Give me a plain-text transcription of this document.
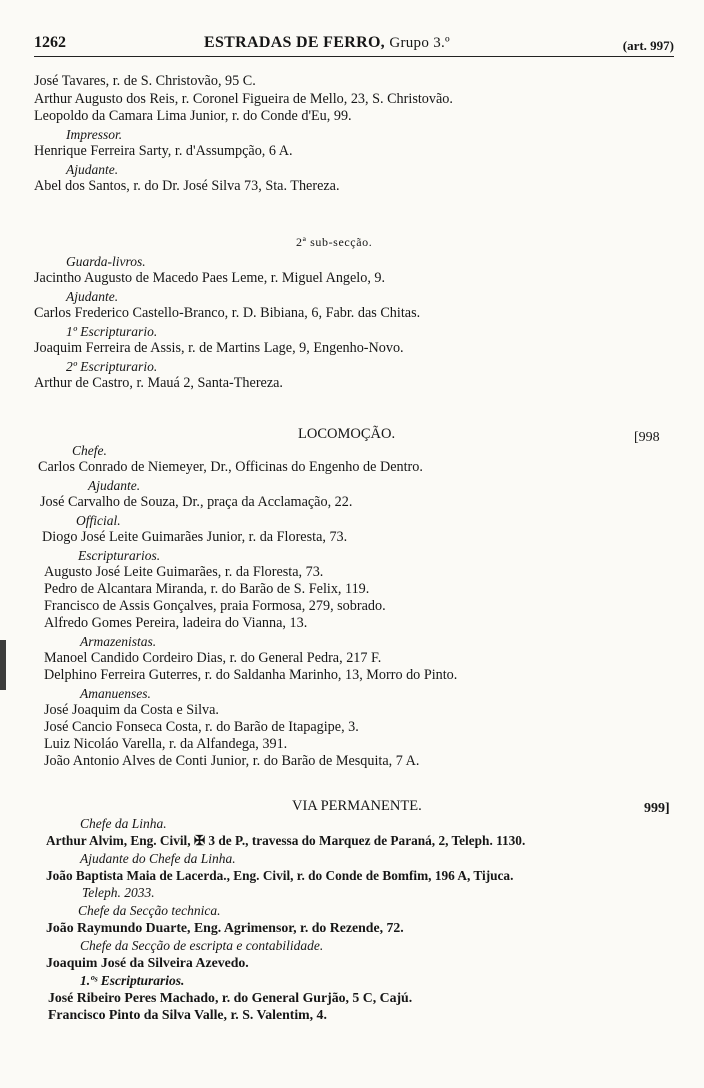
1262	ESTRADAS DE FERRO, Grupo 3.º	(art. 997)
José Tavares, r. de S. Christovão, 95 C.
Arthur Augusto dos Reis, r. Coronel Figueira de Mello, 23, S. Christovão.
Leopoldo da Camara Lima Junior, r. do Conde d'Eu, 99.
Impressor.
Henrique Ferreira Sarty, r. d'Assumpção, 6 A.
Ajudante.
Abel dos Santos, r. do Dr. José Silva 73, Sta. Thereza.
2ª sub-secção.
Guarda-livros.
Jacintho Augusto de Macedo Paes Leme, r. Miguel Angelo, 9.
Ajudante.
Carlos Frederico Castello-Branco, r. D. Bibiana, 6, Fabr. das Chitas.
1º Escripturario.
Joaquim Ferreira de Assis, r. de Martins Lage, 9, Engenho-Novo.
2º Escripturario.
Arthur de Castro, r. Mauá 2, Santa-Thereza.
LOCOMOÇÃO.	[998
Chefe.
Carlos Conrado de Niemeyer, Dr., Officinas do Engenho de Dentro.
Ajudante.
José Carvalho de Souza, Dr., praça da Acclamação, 22.
Official.
Diogo José Leite Guimarães Junior, r. da Floresta, 73.
Escripturarios.
Augusto José Leite Guimarães, r. da Floresta, 73.
Pedro de Alcantara Miranda, r. do Barão de S. Felix, 119.
Francisco de Assis Gonçalves, praia Formosa, 279, sobrado.
Alfredo Gomes Pereira, ladeira do Vianna, 13.
Armazenistas.
Manoel Candido Cordeiro Dias, r. do General Pedra, 217 F.
Delphino Ferreira Guterres, r. do Saldanha Marinho, 13, Morro do Pinto.
Amanuenses.
José Joaquim da Costa e Silva.
José Cancio Fonseca Costa, r. do Barão de Itapagipe, 3.
Luiz Nicoláo Varella, r. da Alfandega, 391.
João Antonio Alves de Conti Junior, r. do Barão de Mesquita, 7 A.
VIA PERMANENTE.	999]
Chefe da Linha.
Arthur Alvim, Eng. Civil, ✠ 3 de P., travessa do Marquez de Paraná, 2, Teleph. 1130.
Ajudante do Chefe da Linha.
João Baptista Maia de Lacerda., Eng. Civil, r. do Conde de Bomfim, 196 A, Tijuca.
Teleph. 2033.
Chefe da Secção technica.
João Raymundo Duarte, Eng. Agrimensor, r. do Rezende, 72.
Chefe da Secção de escripta e contabilidade.
Joaquim José da Silveira Azevedo.
1.ºˢ Escripturarios.
José Ribeiro Peres Machado, r. do General Gurjão, 5 C, Cajú.
Francisco Pinto da Silva Valle, r. S. Valentim, 4.
